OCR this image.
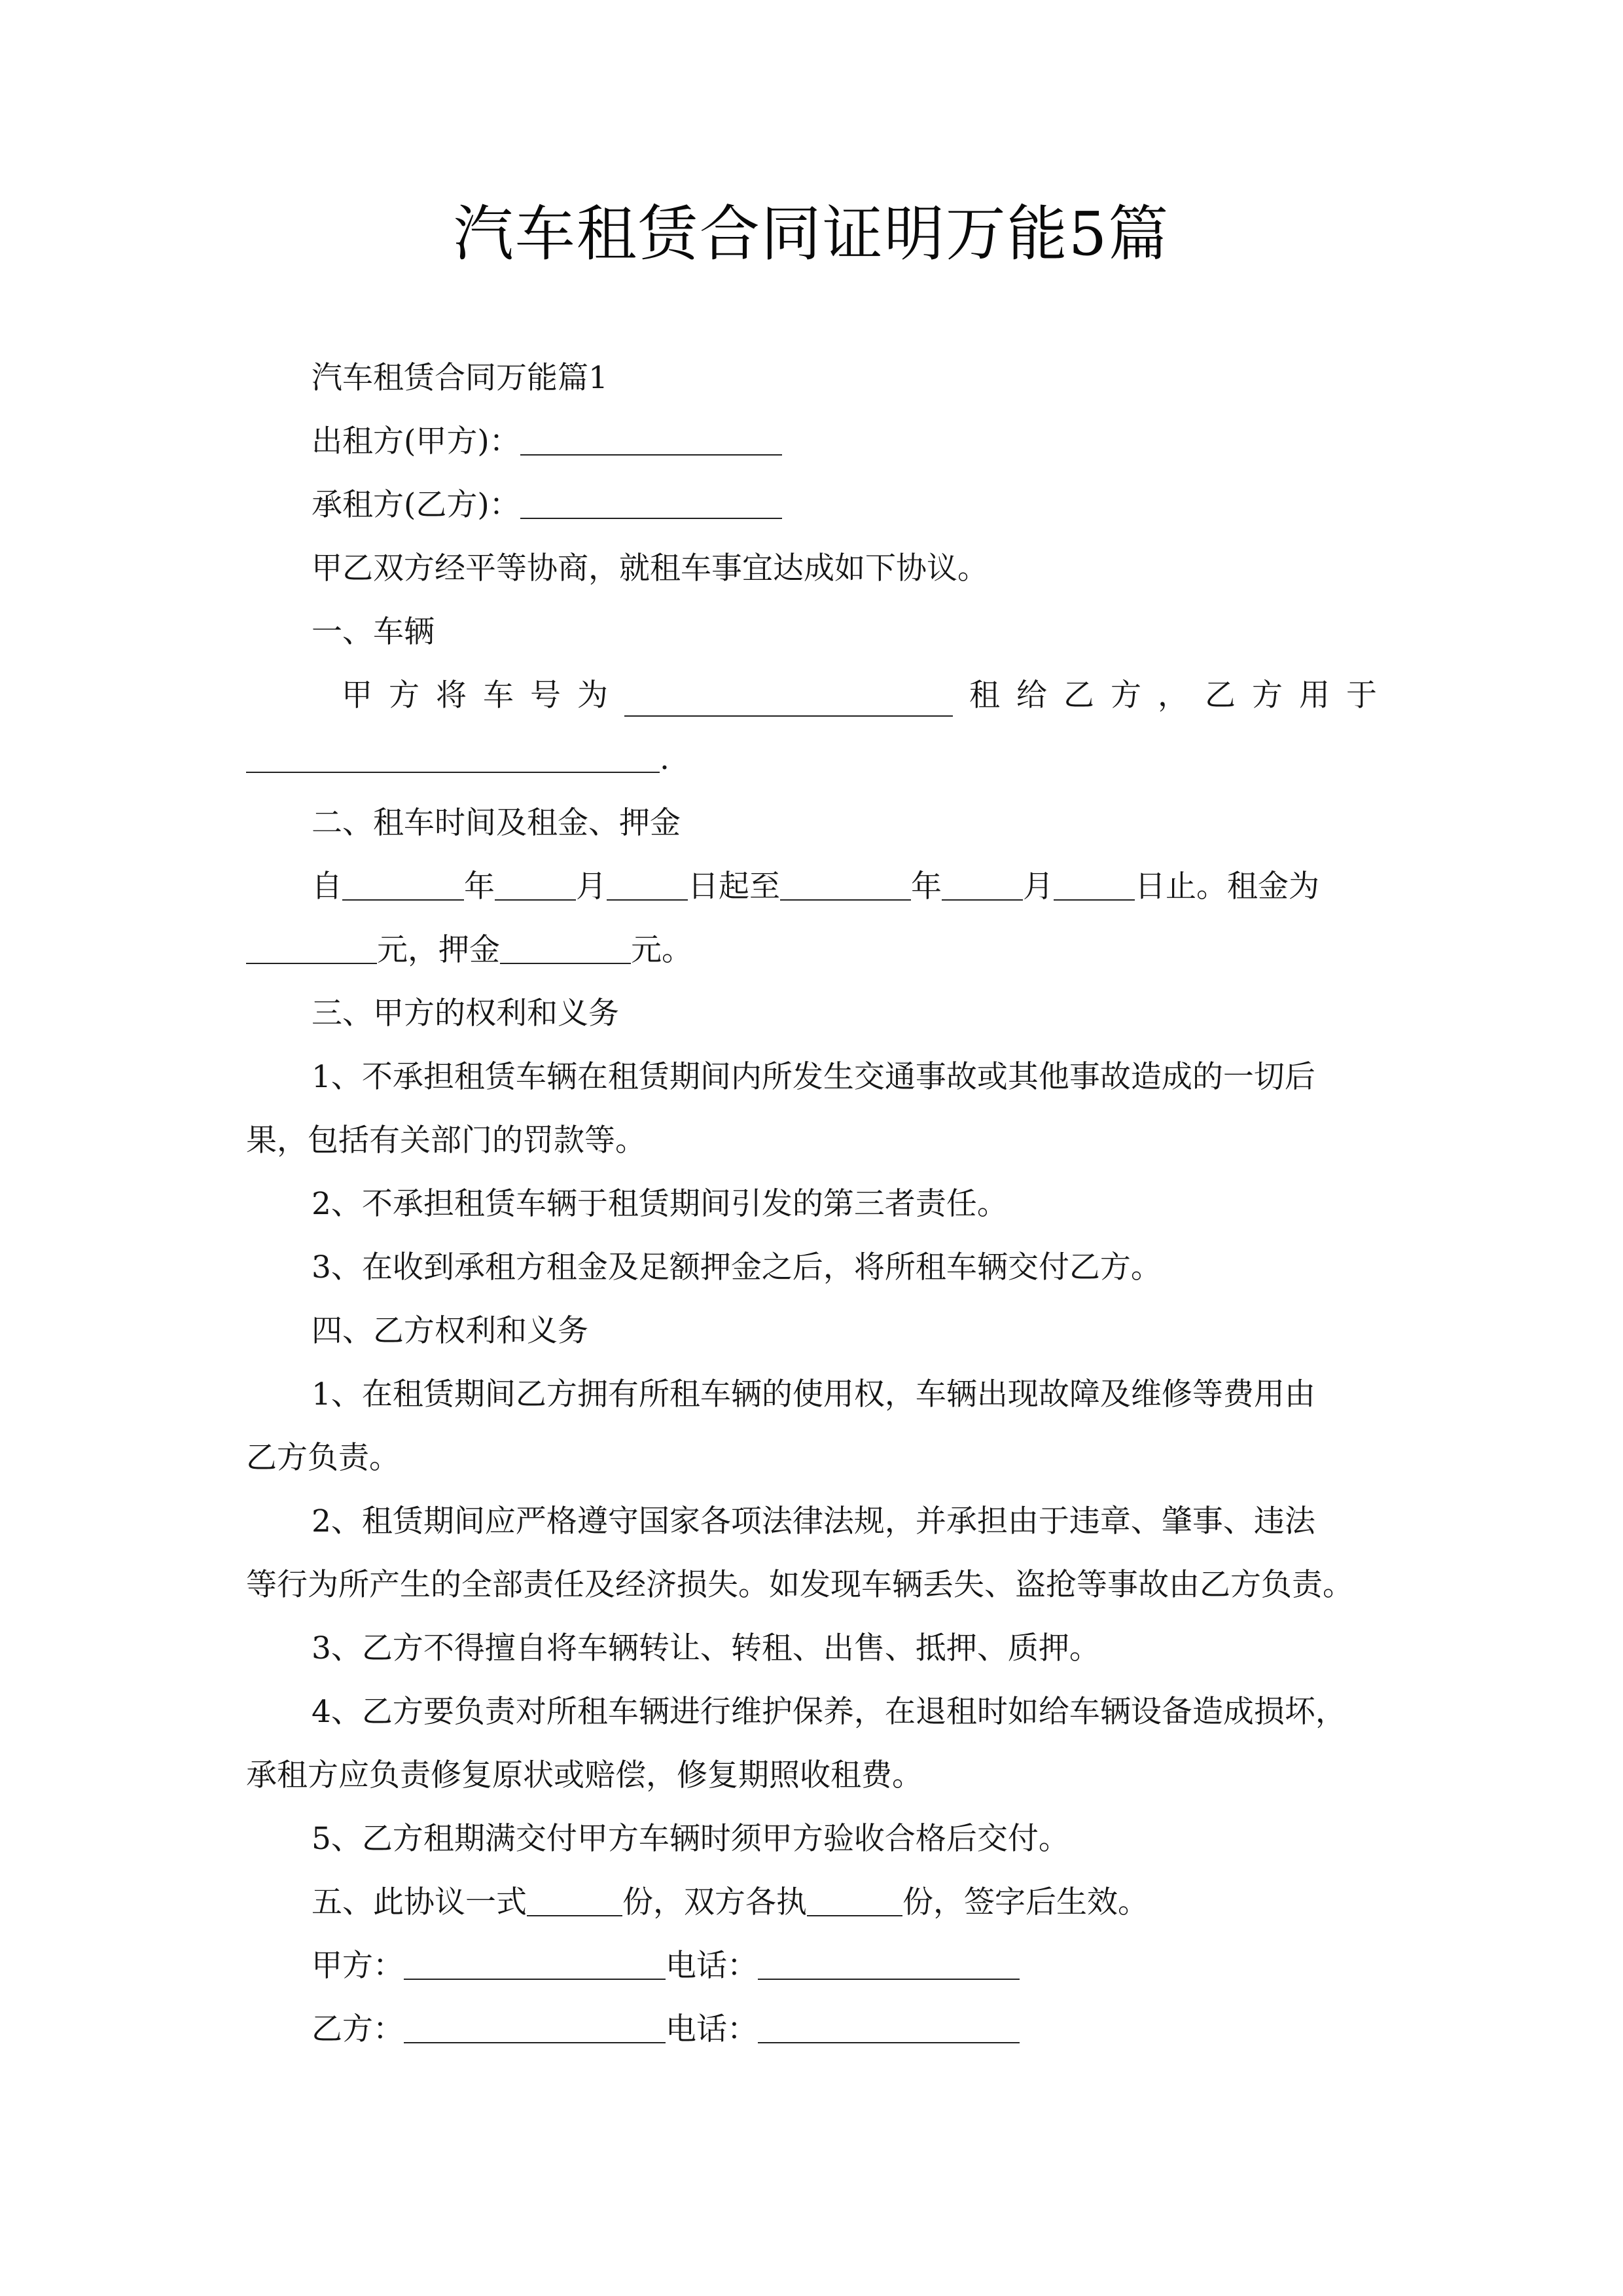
汽车租赁合同证明万能5篇
汽车租赁合同万能篇1
出租方(甲方)：
承租方(乙方)：
甲乙双方经平等协商，就租车事宜达成如下协议。
一、车辆
甲 方 将 车 号 为	租 给 乙 方 ， 乙 方 用 于
.
二、租车时间及租金、押金
自	年	月	日起至	年	月	日止。租金为
元，押金	元。
三、甲方的权利和义务
1、不承担租赁车辆在租赁期间内所发生交通事故或其他事故造成的一切后
果，包括有关部门的罚款等。
2、不承担租赁车辆于租赁期间引发的第三者责任。
3、在收到承租方租金及足额押金之后，将所租车辆交付乙方。
四、乙方权利和义务
1、在租赁期间乙方拥有所租车辆的使用权，车辆出现故障及维修等费用由
乙方负责。
2、租赁期间应严格遵守国家各项法律法规，并承担由于违章、肇事、违法
等行为所产生的全部责任及经济损失。如发现车辆丢失、盗抢等事故由乙方负责。
3、乙方不得擅自将车辆转让、转租、出售、抵押、质押。
4、乙方要负责对所租车辆进行维护保养，在退租时如给车辆设备造成损坏，
承租方应负责修复原状或赔偿，修复期照收租费。
5、乙方租期满交付甲方车辆时须甲方验收合格后交付。
五、此协议一式	份，双方各执	份，签字后生效。
甲方：	电话：
乙方：	电话：
